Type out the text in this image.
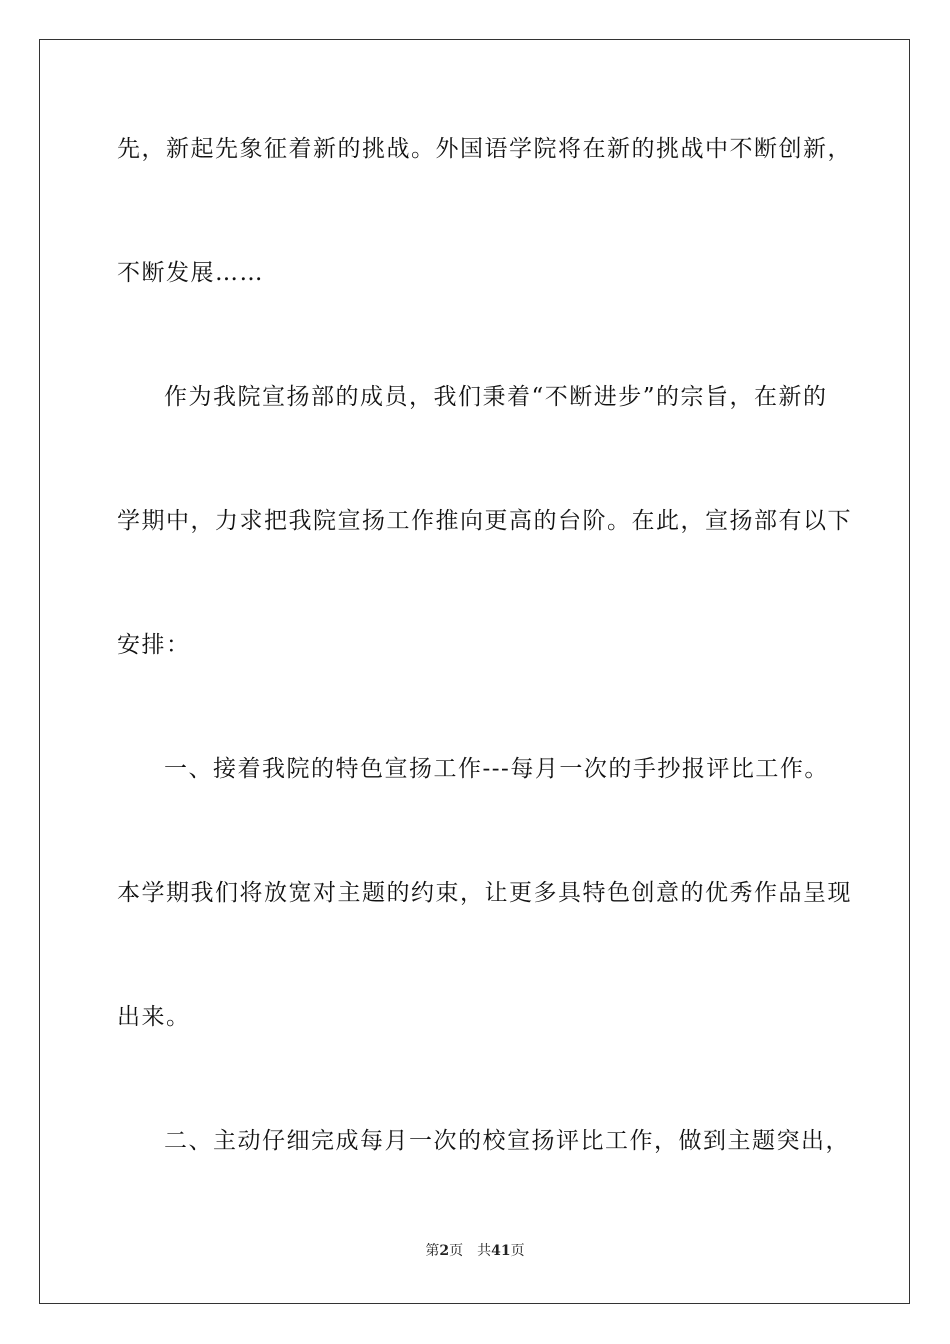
先，新起先象征着新的挑战。外国语学院将在新的挑战中不断创新，
不断发展……
作为我院宣扬部的成员，我们秉着“不断进步”的宗旨，在新的
学期中，力求把我院宣扬工作推向更高的台阶。在此，宣扬部有以下
安排：
一、接着我院的特色宣扬工作---每月一次的手抄报评比工作。
本学期我们将放宽对主题的约束，让更多具特色创意的优秀作品呈现
出来。
二、主动仔细完成每月一次的校宣扬评比工作，做到主题突出，
第2页 共41页
